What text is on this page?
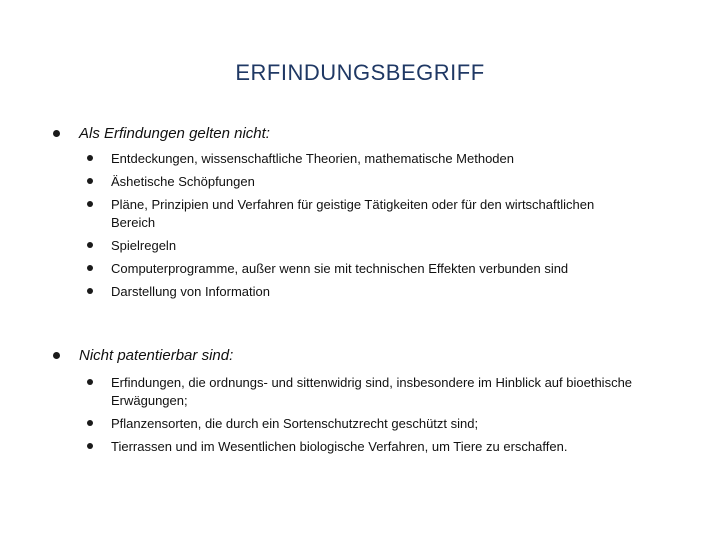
ERFINDUNGSBEGRIFF
Als Erfindungen gelten nicht:
Entdeckungen, wissenschaftliche Theorien, mathematische Methoden
Äshetische Schöpfungen
Pläne, Prinzipien und Verfahren für geistige Tätigkeiten oder für den wirtschaftlichen Bereich
Spielregeln
Computerprogramme, außer wenn sie mit technischen Effekten verbunden sind
Darstellung von Information
Nicht patentierbar sind:
Erfindungen, die ordnungs- und sittenwidrig sind, insbesondere im Hinblick auf bioethische Erwägungen;
Pflanzensorten, die durch ein Sortenschutzrecht geschützt sind;
Tierrassen und im Wesentlichen biologische Verfahren, um Tiere zu erschaffen.
